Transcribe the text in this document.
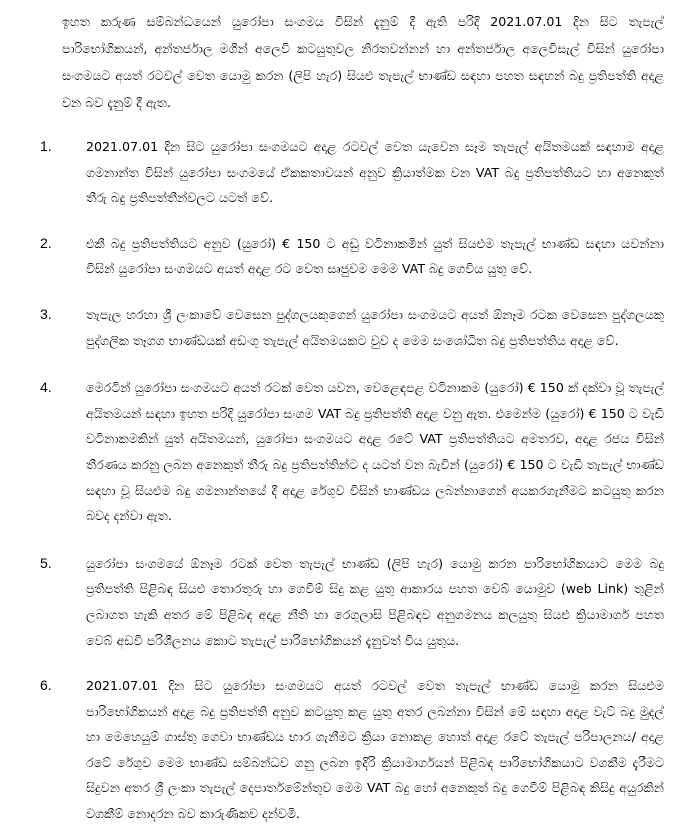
ඉහත කරුණ සම්බන්ධයෙන් යුරෝපා සංගමය විසින් දැනුම් දී ඇති පරිදි 2021.07.01 දින සිට තැපැල් පාරිභෝගිකයන්, අන්තර්ජාල මගින් අලෙවි කටයුතුවල නිරතවන්නන් හා අන්තර්ජාල අලෙවිසැල් විසින් යුරෝපා සංගමයට අයත් රටවල් වෙත යොමු කරන (ලිපි හැර) සියළු තැපැල් භාණ්ඩ සඳහා පහත සඳහන් බදු ප්‍රතිපත්ති අදාළ වන බව දැනුම් දී ඇත.

1.	2021.07.01 දින සිට යුරෝපා සංගමයට අදාළ රටවල් වෙත යැවෙන සෑම තැපැල් අයිතමයක් සඳහාම අදාළ ගමනාන්ත විසින් යුරෝපා සංගමයේ ඒකකතාවයන් අනුව ක්‍රියාත්මක වන VAT බදු ප්‍රතිපත්තියට හා අනෙකුත් තීරු බදු ප්‍රතිපත්තීන්වලට යටත් වේ.
2.	එකී බදු ප්‍රතිපත්තියට අනුව (යුරෝ) € 150 ට අඩු වටිනාකමින් යුත් සියළුම තැපැල් භාණ්ඩ සඳහා යවන්නා විසින් යුරෝපා සංගමයට අයත් අදාළ රට වෙත සෘජුවම මෙම VAT බදු ගෙවිය යුතු වේ.
3.	තැපැල හරහා ශ්‍රී ලංකාවේ වෙසෙන පුද්ගලයකුගෙන් යුරෝපා සංගමයට අයත් ඕනෑම රටක වෙසෙන පුද්ගලයකු පුද්ගලික තෑගග භාණ්ඩයක් අඩංගු තැපැල් අයිතමයකට වුව ද මෙම සංශෝධිත බදු ප්‍රතිපත්තිය අදාළ වේ.
4.	මෙරටින් යුරෝපා සංගමයට අයත් රටක් වෙත යවන, වෙළෙඳපළ වටිනාකම (යුරෝ) € 150 ක් දක්වා වූ තැපැල් අයිතමයන් සඳහා ඉහත පරිදි යුරෝපා සංගම VAT බදු ප්‍රතිපත්ති අදාළ වනු ඇත. එමෙන්ම (යුරෝ) € 150 ට වැඩි වටිනාකමකින් යුත් අයිතමයන්, යුරෝපා සංගමයට අදාළ රටේ VAT ප්‍රතිපත්තියට අමතරව, අදාළ රජය විසින් තීරණය කරනු ලබන අනෙකුත් තීරු බදු ප්‍රතිපත්තින්ට ද යටත් වන බැවින් (යුරෝ) € 150 ට වැඩි තැපැල් භාණ්ඩ සඳහා වූ සියළුම බදු ගමනාන්තයේ දී අදාළ රේගුව විසින් භාණ්ඩය ලබන්නාගෙන් අයකරගැනීමට කටයුතු කරන බවද දන්වා ඇත.
5.	යුරෝපා සංගමයේ ඕනෑම රටක් වෙත තැපැල් භාණ්ඩ (ලිපි හැර) යොමු කරන පාරිභෝගිකයාට මෙම බදු ප්‍රතිපත්ති පිළිබඳ සියළු තොරතුරු හා ගෙවීම් සිදු කළ යුතු ආකාරය පහත වෙබ් යොමුව (web Link) තුළින් ලබාගත හැකි අතර මේ පිළිබඳ අදාළ නීති හා රෙගුලාසි පිළිබඳව අනුගමනය කලයුතු සියළු ක්‍රියාමාර්ග පහත වෙබ් අඩවි පරිශීලනය කොට තැපැල් පාරිභෝගිකයන් දැනුවත් විය යුතුය.
6.	2021.07.01 දින සිට යුරෝපා සංගමයට අයත් රටවල් වෙත තැපැල් භාණ්ඩ යොමු කරන සියළුම පාරිභෝගිකයන් අදාළ බදු ප්‍රතිපත්ති අනුව කටයුතු කළ යුතු අතර ලබන්නා විසින් මේ සඳහා අදාළ වැට් බදු මුදල් හා මෙහෙයුම් ගාස්තු ගෙවා භාණ්ඩය භාර ගැනීමට ක්‍රියා නොකළ හොත් අදාළ රටේ තැපැල් පරිපාලනය/ අදාළ රටේ රේගුව මෙම භාණ්ඩ සම්බන්ධව ගනු ලබන ඉදිරි ක්‍රියාමාර්ගයන් පිළිබඳ පාරිභෝගිකයාට වගකීම දැරීමට සිදුවන අතර ශ්‍රී ලංකා තැපැල් දෙපාර්තමේන්තුව මෙම VAT බදු හෝ අනෙකුත් බදු ගෙවීම් පිළිබඳ කිසිදු අයුරකින් වගකීම් නොදරන බව කාරුණිකව දන්වමි.
